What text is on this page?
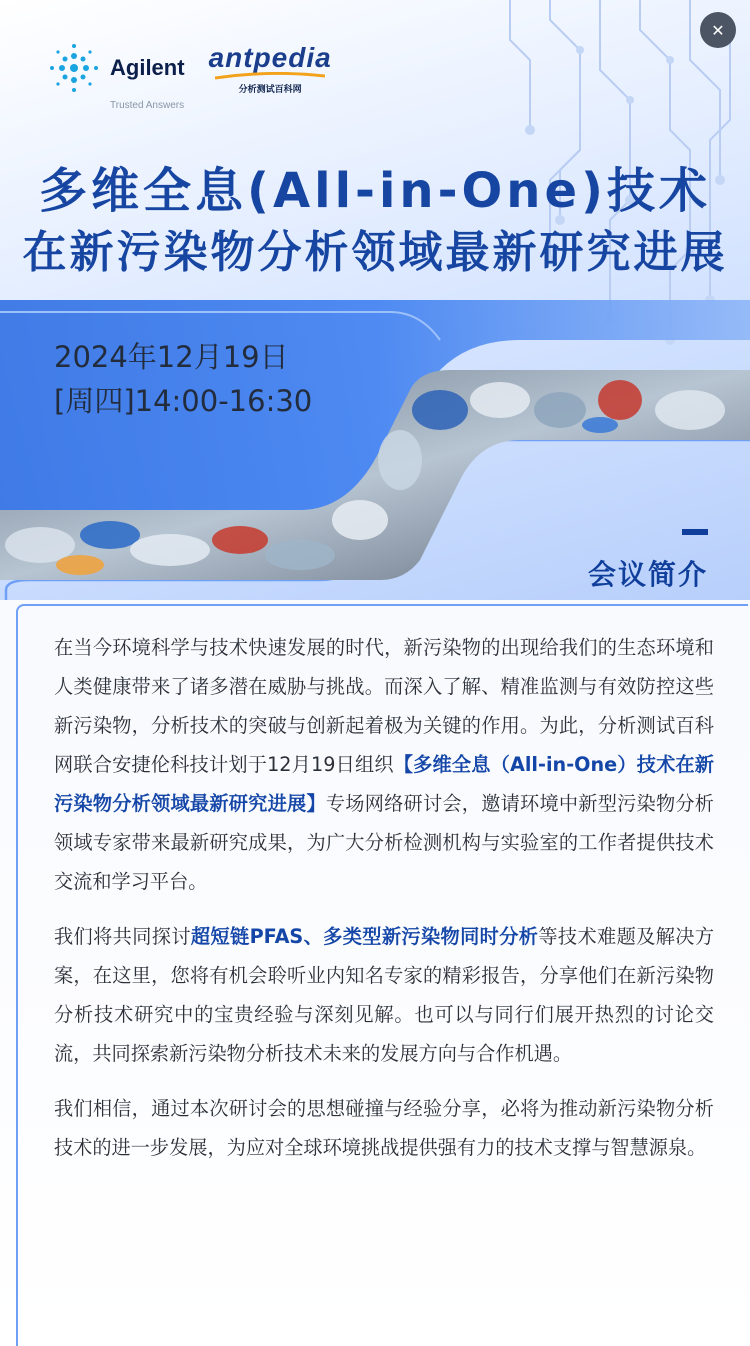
Agilent
Trusted Answers
antpedia
分析测试百科网
多维全息(All-in-One)技术
在新污染物分析领域最新研究进展
2024年12月19日
[周四]14:00-16:30
✕
会议简介

在当今环境科学与技术快速发展的时代，新污染物的出现给我们的生态环境和人类健康带来了诸多潜在威胁与挑战。而深入了解、精准监测与有效防控这些新污染物，分析技术的突破与创新起着极为关键的作用。为此，分析测试百科网联合安捷伦科技计划于12月19日组织【多维全息（All-in-One）技术在新污染物分析领域最新研究进展】专场网络研讨会，邀请环境中新型污染物分析领域专家带来最新研究成果，为广大分析检测机构与实验室的工作者提供技术交流和学习平台。

我们将共同探讨超短链PFAS、多类型新污染物同时分析等技术难题及解决方案，在这里，您将有机会聆听业内知名专家的精彩报告，分享他们在新污染物分析技术研究中的宝贵经验与深刻见解。也可以与同行们展开热烈的讨论交流，共同探索新污染物分析技术未来的发展方向与合作机遇。

我们相信，通过本次研讨会的思想碰撞与经验分享，必将为推动新污染物分析技术的进一步发展，为应对全球环境挑战提供强有力的技术支撑与智慧源泉。
